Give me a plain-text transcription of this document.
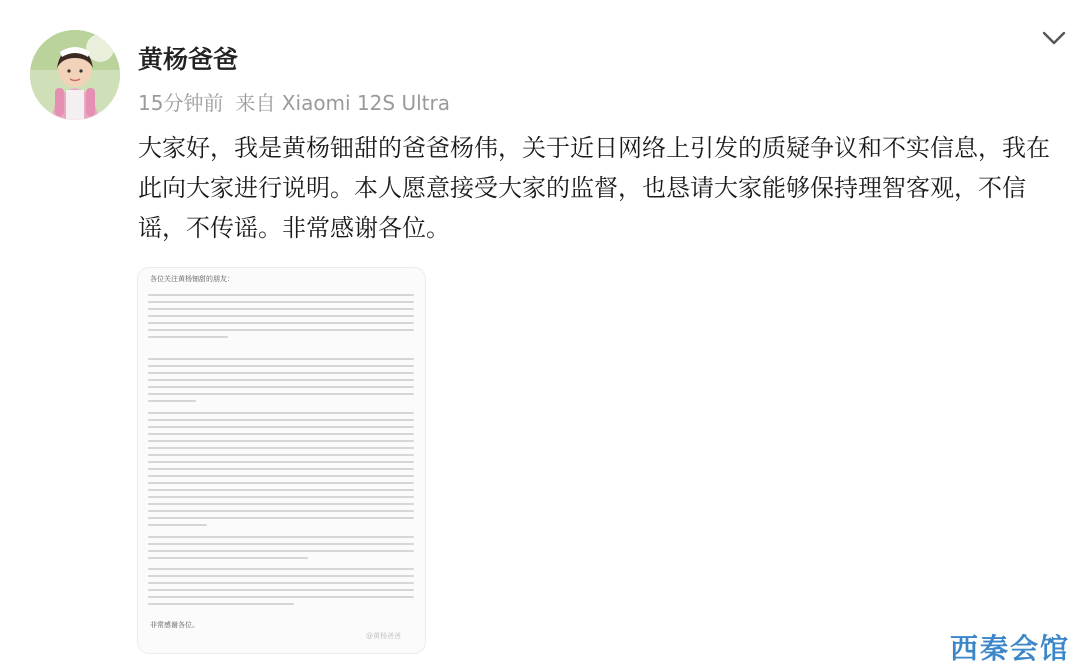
黄杨爸爸
15分钟前 来自 Xiaomi 12S Ultra

大家好，我是黄杨钿甜的爸爸杨伟，关于近日网络上引发的质疑争议和不实信息，我在此向大家进行说明。本人愿意接受大家的监督，也恳请大家能够保持理智客观，不信谣，不传谣。非常感谢各位。

各位关注黄杨钿甜的朋友：
非常感谢各位。
@黄杨爸爸	西秦会馆
